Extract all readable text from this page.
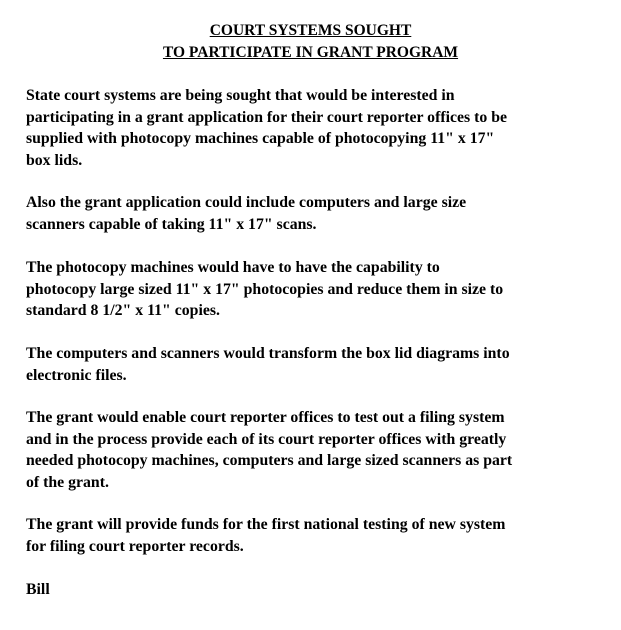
COURT SYSTEMS SOUGHT
TO PARTICIPATE IN GRANT PROGRAM

State court systems are being sought that would be interested in
participating in a grant application for their court reporter offices to be
supplied with photocopy machines capable of photocopying 11" x 17"
box lids.

Also the grant application could include computers and large size
scanners capable of taking 11" x 17" scans.

The photocopy machines would have to have the capability to
photocopy large sized 11" x 17" photocopies and reduce them in size to
standard 8 1/2" x 11" copies.

The computers and scanners would transform the box lid diagrams into
electronic files.

The grant would enable court reporter offices to test out a filing system
and in the process provide each of its court reporter offices with greatly
needed photocopy machines, computers and large sized scanners as part
of the grant.

The grant will provide funds for the first national testing of new system
for filing court reporter records.

Bill
